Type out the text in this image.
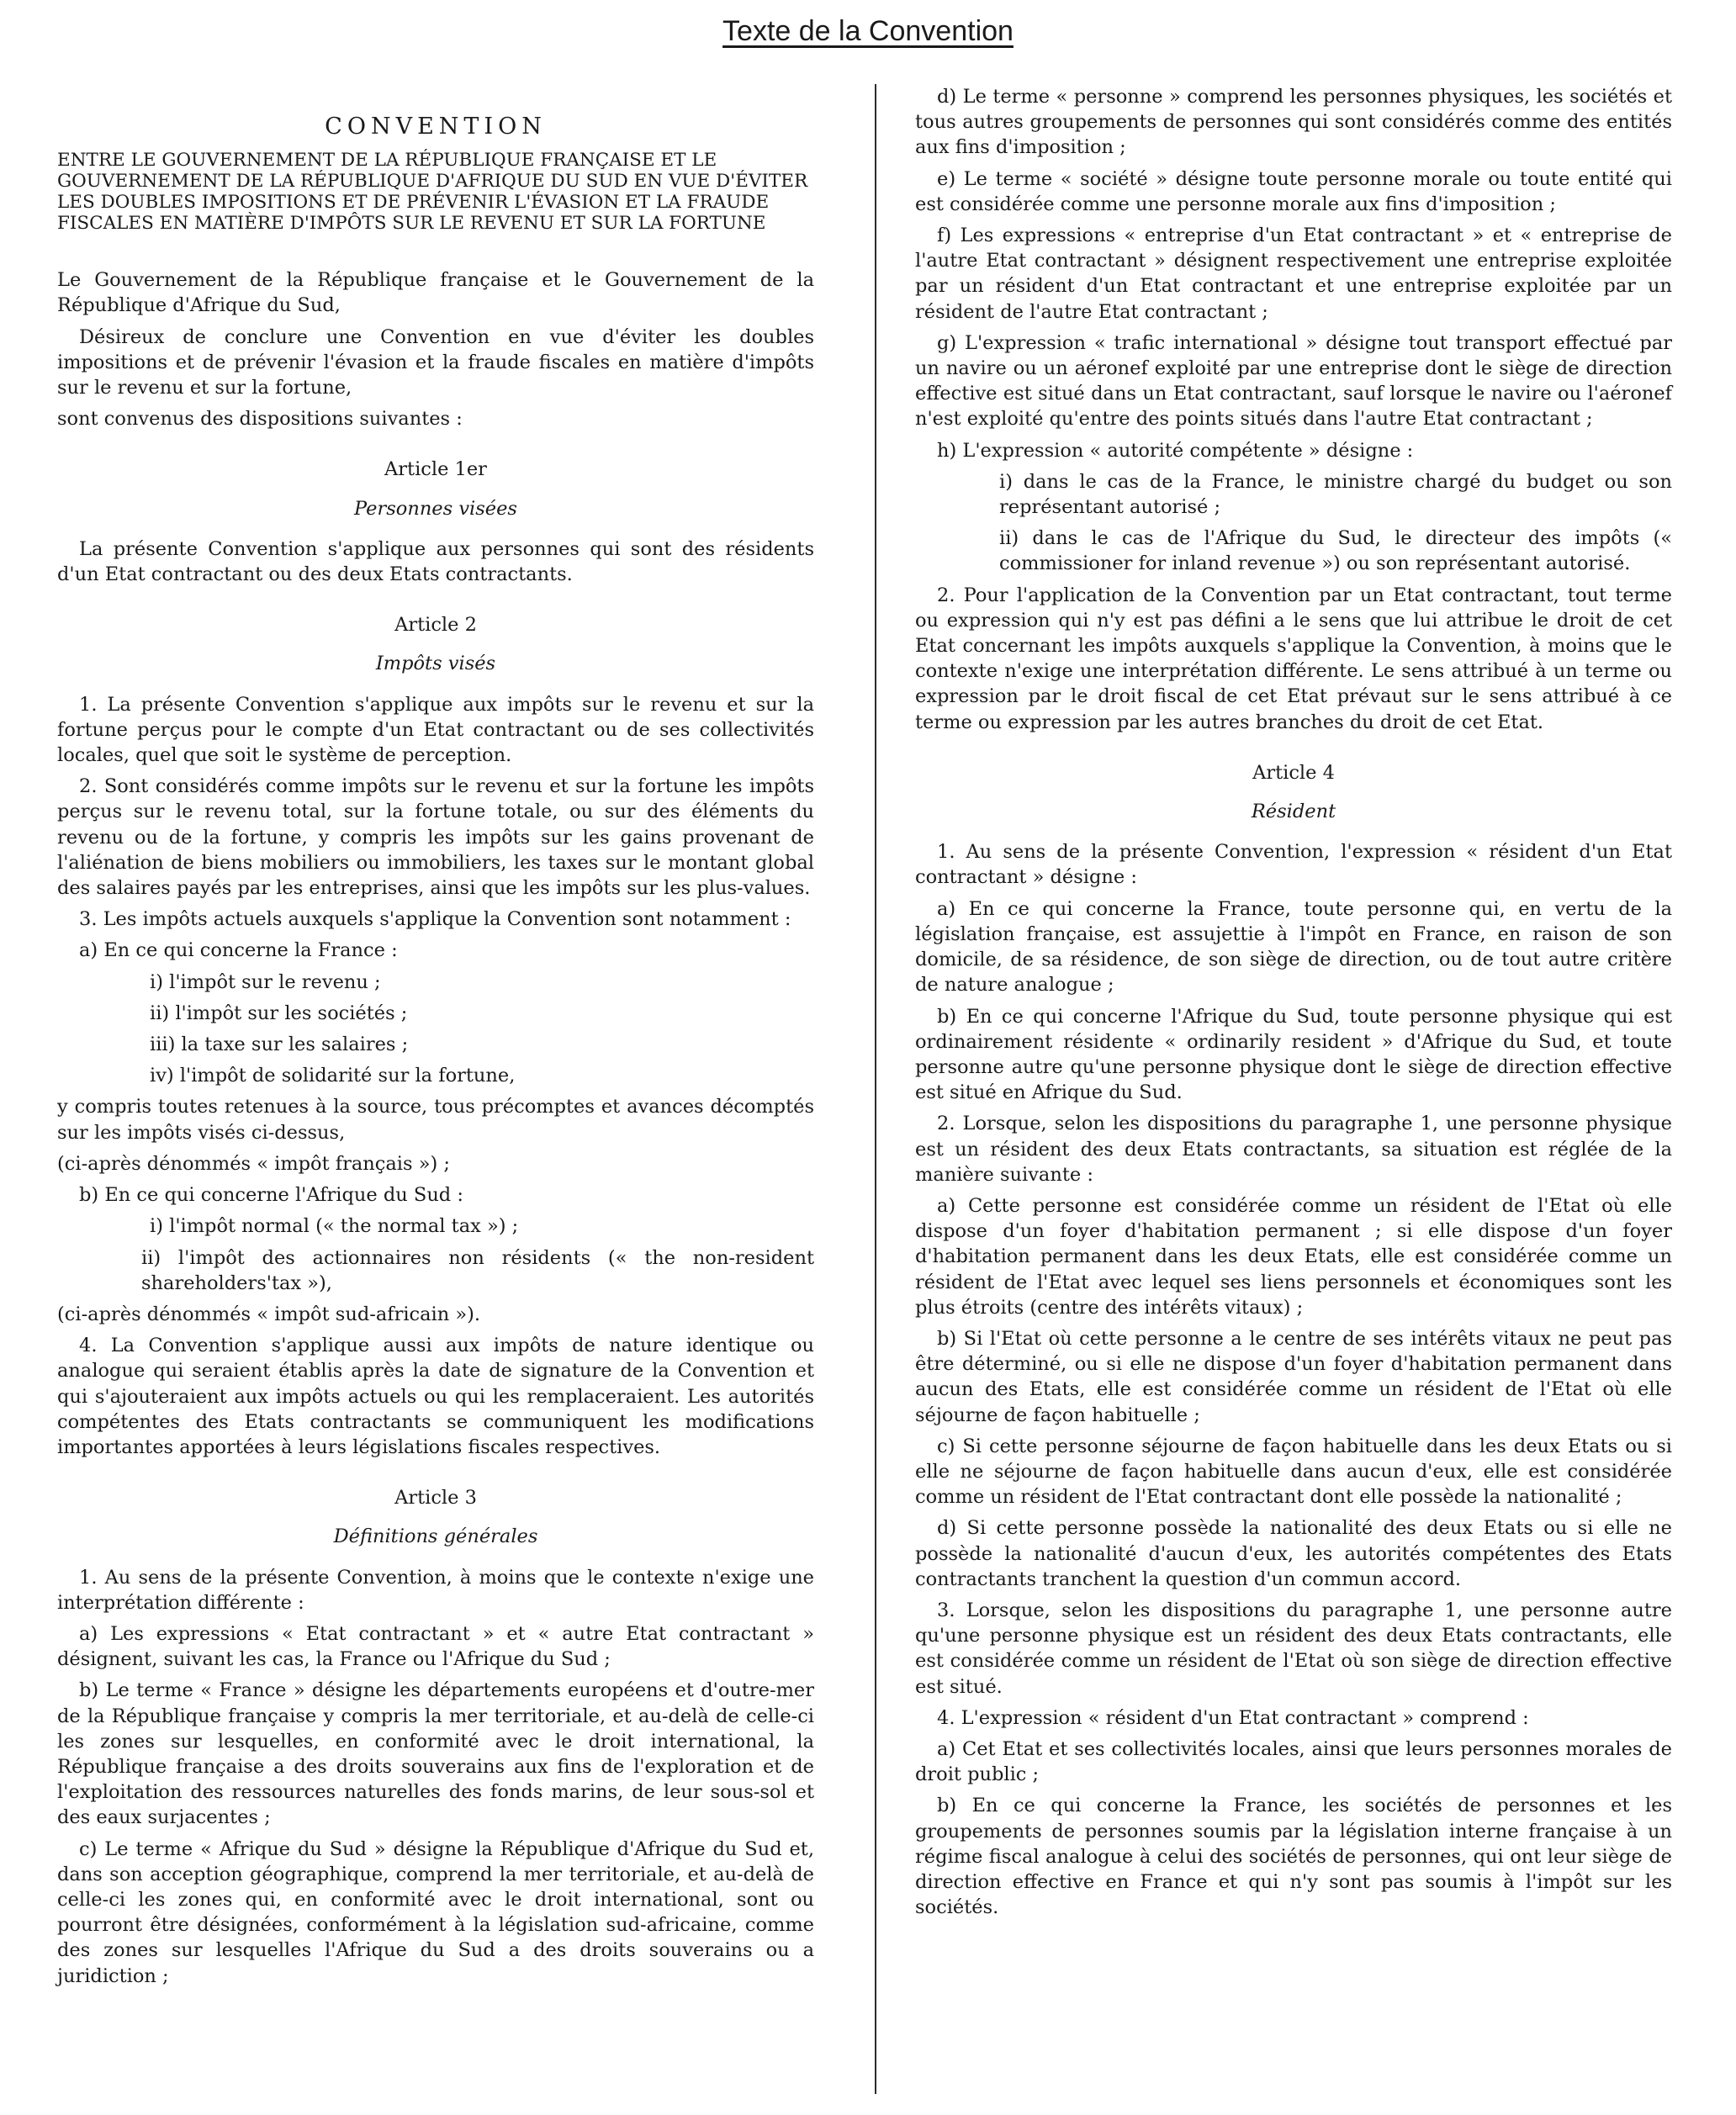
Texte de la Convention
CONVENTION
ENTRE LE GOUVERNEMENT DE LA RÉPUBLIQUE FRANÇAISE ET LE GOUVERNEMENT DE LA RÉPUBLIQUE D'AFRIQUE DU SUD EN VUE D'ÉVITER LES DOUBLES IMPOSITIONS ET DE PRÉVENIR L'ÉVASION ET LA FRAUDE FISCALES EN MATIÈRE D'IMPÔTS SUR LE REVENU ET SUR LA FORTUNE

Le Gouvernement de la République française et le Gouvernement de la République d'Afrique du Sud,

Désireux de conclure une Convention en vue d'éviter les doubles impositions et de prévenir l'évasion et la fraude fiscales en matière d'impôts sur le revenu et sur la fortune,

sont convenus des dispositions suivantes :

Article 1er
Personnes visées

La présente Convention s'applique aux personnes qui sont des résidents d'un Etat contractant ou des deux Etats contractants.

Article 2
Impôts visés

1. La présente Convention s'applique aux impôts sur le revenu et sur la fortune perçus pour le compte d'un Etat contractant ou de ses collectivités locales, quel que soit le système de perception.

2. Sont considérés comme impôts sur le revenu et sur la fortune les impôts perçus sur le revenu total, sur la fortune totale, ou sur des éléments du revenu ou de la fortune, y compris les impôts sur les gains provenant de l'aliénation de biens mobiliers ou immobiliers, les taxes sur le montant global des salaires payés par les entreprises, ainsi que les impôts sur les plus-values.

3. Les impôts actuels auxquels s'applique la Convention sont notamment :

a) En ce qui concerne la France :

i) l'impôt sur le revenu ;

ii) l'impôt sur les sociétés ;

iii) la taxe sur les salaires ;

iv) l'impôt de solidarité sur la fortune,

y compris toutes retenues à la source, tous précomptes et avances décomptés sur les impôts visés ci-dessus,

(ci-après dénommés « impôt français ») ;

b) En ce qui concerne l'Afrique du Sud :

i) l'impôt normal (« the normal tax ») ;

ii) l'impôt des actionnaires non résidents (« the non-resident shareholders'tax »),

(ci-après dénommés « impôt sud-africain »).

4. La Convention s'applique aussi aux impôts de nature identique ou analogue qui seraient établis après la date de signature de la Convention et qui s'ajouteraient aux impôts actuels ou qui les remplaceraient. Les autorités compétentes des Etats contractants se communiquent les modifications importantes apportées à leurs législations fiscales respectives.

Article 3
Définitions générales

1. Au sens de la présente Convention, à moins que le contexte n'exige une interprétation différente :

a) Les expressions « Etat contractant » et « autre Etat contractant » désignent, suivant les cas, la France ou l'Afrique du Sud ;

b) Le terme « France » désigne les départements européens et d'outre-mer de la République française y compris la mer territoriale, et au-delà de celle-ci les zones sur lesquelles, en conformité avec le droit international, la République française a des droits souverains aux fins de l'exploration et de l'exploitation des ressources naturelles des fonds marins, de leur sous-sol et des eaux surjacentes ;

c) Le terme « Afrique du Sud » désigne la République d'Afrique du Sud et, dans son acception géographique, comprend la mer territoriale, et au-delà de celle-ci les zones qui, en conformité avec le droit international, sont ou pourront être désignées, conformément à la législation sud-africaine, comme des zones sur lesquelles l'Afrique du Sud a des droits souverains ou a juridiction ;

d) Le terme « personne » comprend les personnes physiques, les sociétés et tous autres groupements de personnes qui sont considérés comme des entités aux fins d'imposition ;

e) Le terme « société » désigne toute personne morale ou toute entité qui est considérée comme une personne morale aux fins d'imposition ;

f) Les expressions « entreprise d'un Etat contractant » et « entreprise de l'autre Etat contractant » désignent respectivement une entreprise exploitée par un résident d'un Etat contractant et une entreprise exploitée par un résident de l'autre Etat contractant ;

g) L'expression « trafic international » désigne tout transport effectué par un navire ou un aéronef exploité par une entreprise dont le siège de direction effective est situé dans un Etat contractant, sauf lorsque le navire ou l'aéronef n'est exploité qu'entre des points situés dans l'autre Etat contractant ;

h) L'expression « autorité compétente » désigne :

i) dans le cas de la France, le ministre chargé du budget ou son représentant autorisé ;

ii) dans le cas de l'Afrique du Sud, le directeur des impôts (« commissioner for inland revenue ») ou son représentant autorisé.

2. Pour l'application de la Convention par un Etat contractant, tout terme ou expression qui n'y est pas défini a le sens que lui attribue le droit de cet Etat concernant les impôts auxquels s'applique la Convention, à moins que le contexte n'exige une interprétation différente. Le sens attribué à un terme ou expression par le droit fiscal de cet Etat prévaut sur le sens attribué à ce terme ou expression par les autres branches du droit de cet Etat.

Article 4
Résident

1. Au sens de la présente Convention, l'expression « résident d'un Etat contractant » désigne :

a) En ce qui concerne la France, toute personne qui, en vertu de la législation française, est assujettie à l'impôt en France, en raison de son domicile, de sa résidence, de son siège de direction, ou de tout autre critère de nature analogue ;

b) En ce qui concerne l'Afrique du Sud, toute personne physique qui est ordinairement résidente « ordinarily resident » d'Afrique du Sud, et toute personne autre qu'une personne physique dont le siège de direction effective est situé en Afrique du Sud.

2. Lorsque, selon les dispositions du paragraphe 1, une personne physique est un résident des deux Etats contractants, sa situation est réglée de la manière suivante :

a) Cette personne est considérée comme un résident de l'Etat où elle dispose d'un foyer d'habitation permanent ; si elle dispose d'un foyer d'habitation permanent dans les deux Etats, elle est considérée comme un résident de l'Etat avec lequel ses liens personnels et économiques sont les plus étroits (centre des intérêts vitaux) ;

b) Si l'Etat où cette personne a le centre de ses intérêts vitaux ne peut pas être déterminé, ou si elle ne dispose d'un foyer d'habitation permanent dans aucun des Etats, elle est considérée comme un résident de l'Etat où elle séjourne de façon habituelle ;

c) Si cette personne séjourne de façon habituelle dans les deux Etats ou si elle ne séjourne de façon habituelle dans aucun d'eux, elle est considérée comme un résident de l'Etat contractant dont elle possède la nationalité ;

d) Si cette personne possède la nationalité des deux Etats ou si elle ne possède la nationalité d'aucun d'eux, les autorités compétentes des Etats contractants tranchent la question d'un commun accord.

3. Lorsque, selon les dispositions du paragraphe 1, une personne autre qu'une personne physique est un résident des deux Etats contractants, elle est considérée comme un résident de l'Etat où son siège de direction effective est situé.

4. L'expression « résident d'un Etat contractant » comprend :

a) Cet Etat et ses collectivités locales, ainsi que leurs personnes morales de droit public ;

b) En ce qui concerne la France, les sociétés de personnes et les groupements de personnes soumis par la législation interne française à un régime fiscal analogue à celui des sociétés de personnes, qui ont leur siège de direction effective en France et qui n'y sont pas soumis à l'impôt sur les sociétés.
